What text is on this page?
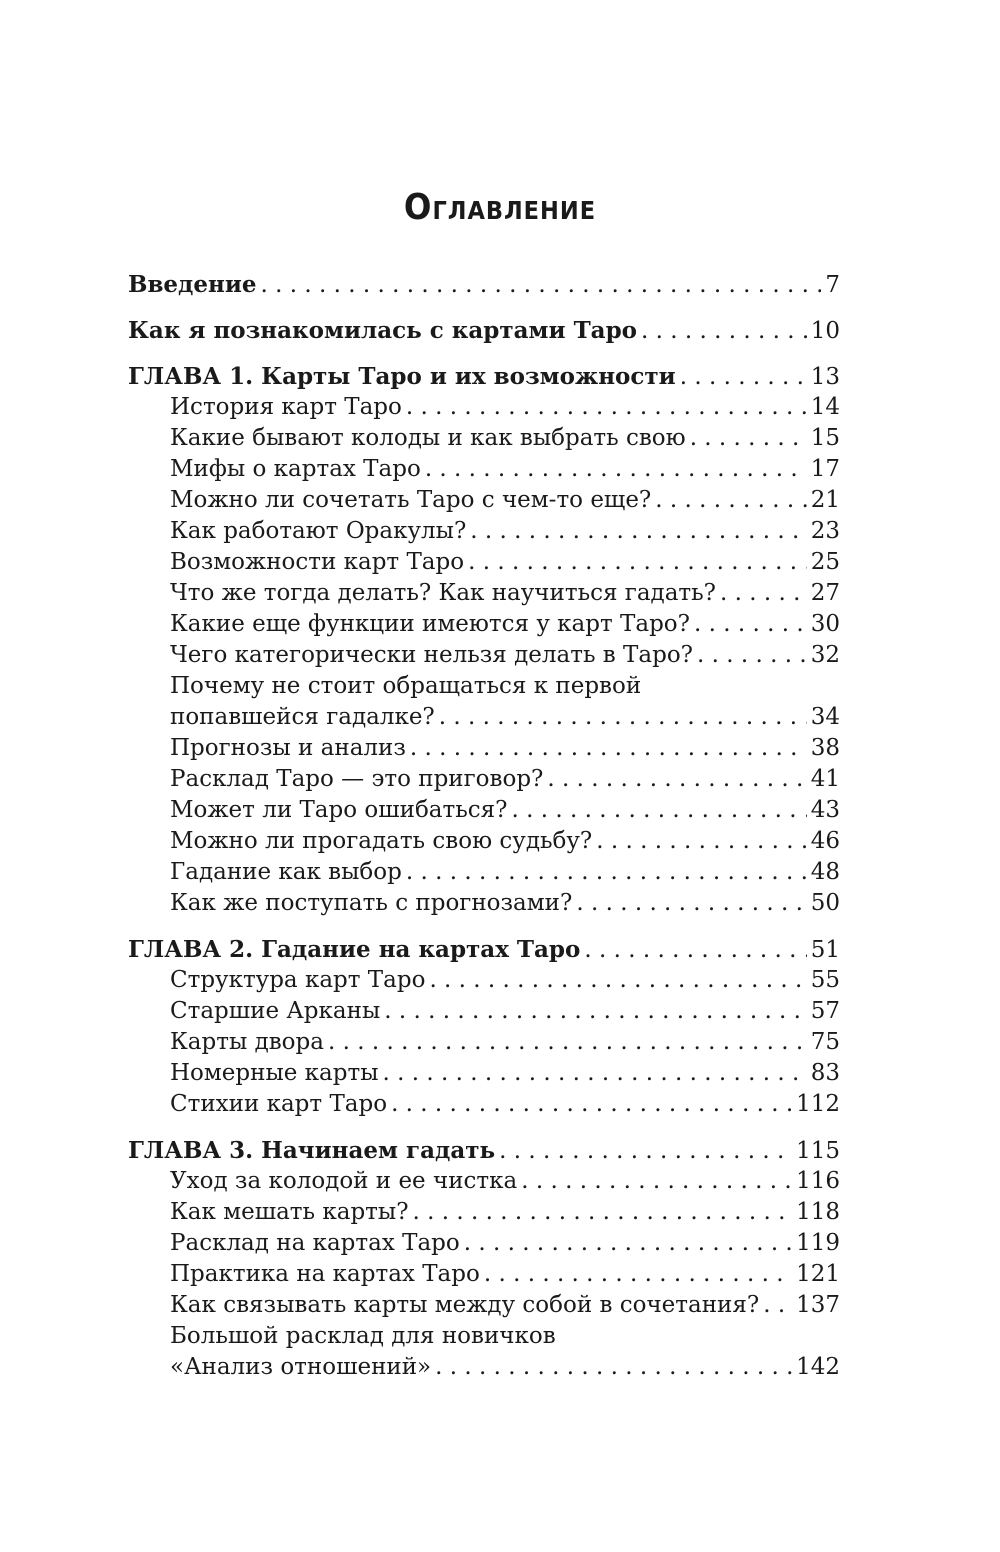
Оглавление
Введение . . .	7
Как я познакомилась с картами Таро . . .	10
ГЛАВА 1. Карты Таро и их возможности . . .	13
История карт Таро . . .	14
Какие бывают колоды и как выбрать свою . . .	15
Мифы о картах Таро . . .	17
Можно ли сочетать Таро с чем-то еще? . . .	21
Как работают Оракулы? . . .	23
Возможности карт Таро . . .	25
Что же тогда делать? Как научиться гадать? . . .	27
Какие еще функции имеются у карт Таро? . . .	30
Чего категорически нельзя делать в Таро? . . .	32
Почему не стоит обращаться к первой
попавшейся гадалке? . . .	34
Прогнозы и анализ . . .	38
Расклад Таро — это приговор? . . .	41
Может ли Таро ошибаться? . . .	43
Можно ли прогадать свою судьбу? . . .	46
Гадание как выбор . . .	48
Как же поступать с прогнозами? . . .	50
ГЛАВА 2. Гадание на картах Таро . . .	51
Структура карт Таро . . .	55
Старшие Арканы . . .	57
Карты двора . . .	75
Номерные карты . . .	83
Стихии карт Таро . . .	112
ГЛАВА 3. Начинаем гадать . . .	115
Уход за колодой и ее чистка . . .	116
Как мешать карты? . . .	118
Расклад на картах Таро . . .	119
Практика на картах Таро . . .	121
Как связывать карты между собой в сочетания? . . . 137
Большой расклад для новичков
«Анализ отношений» . . .	142
